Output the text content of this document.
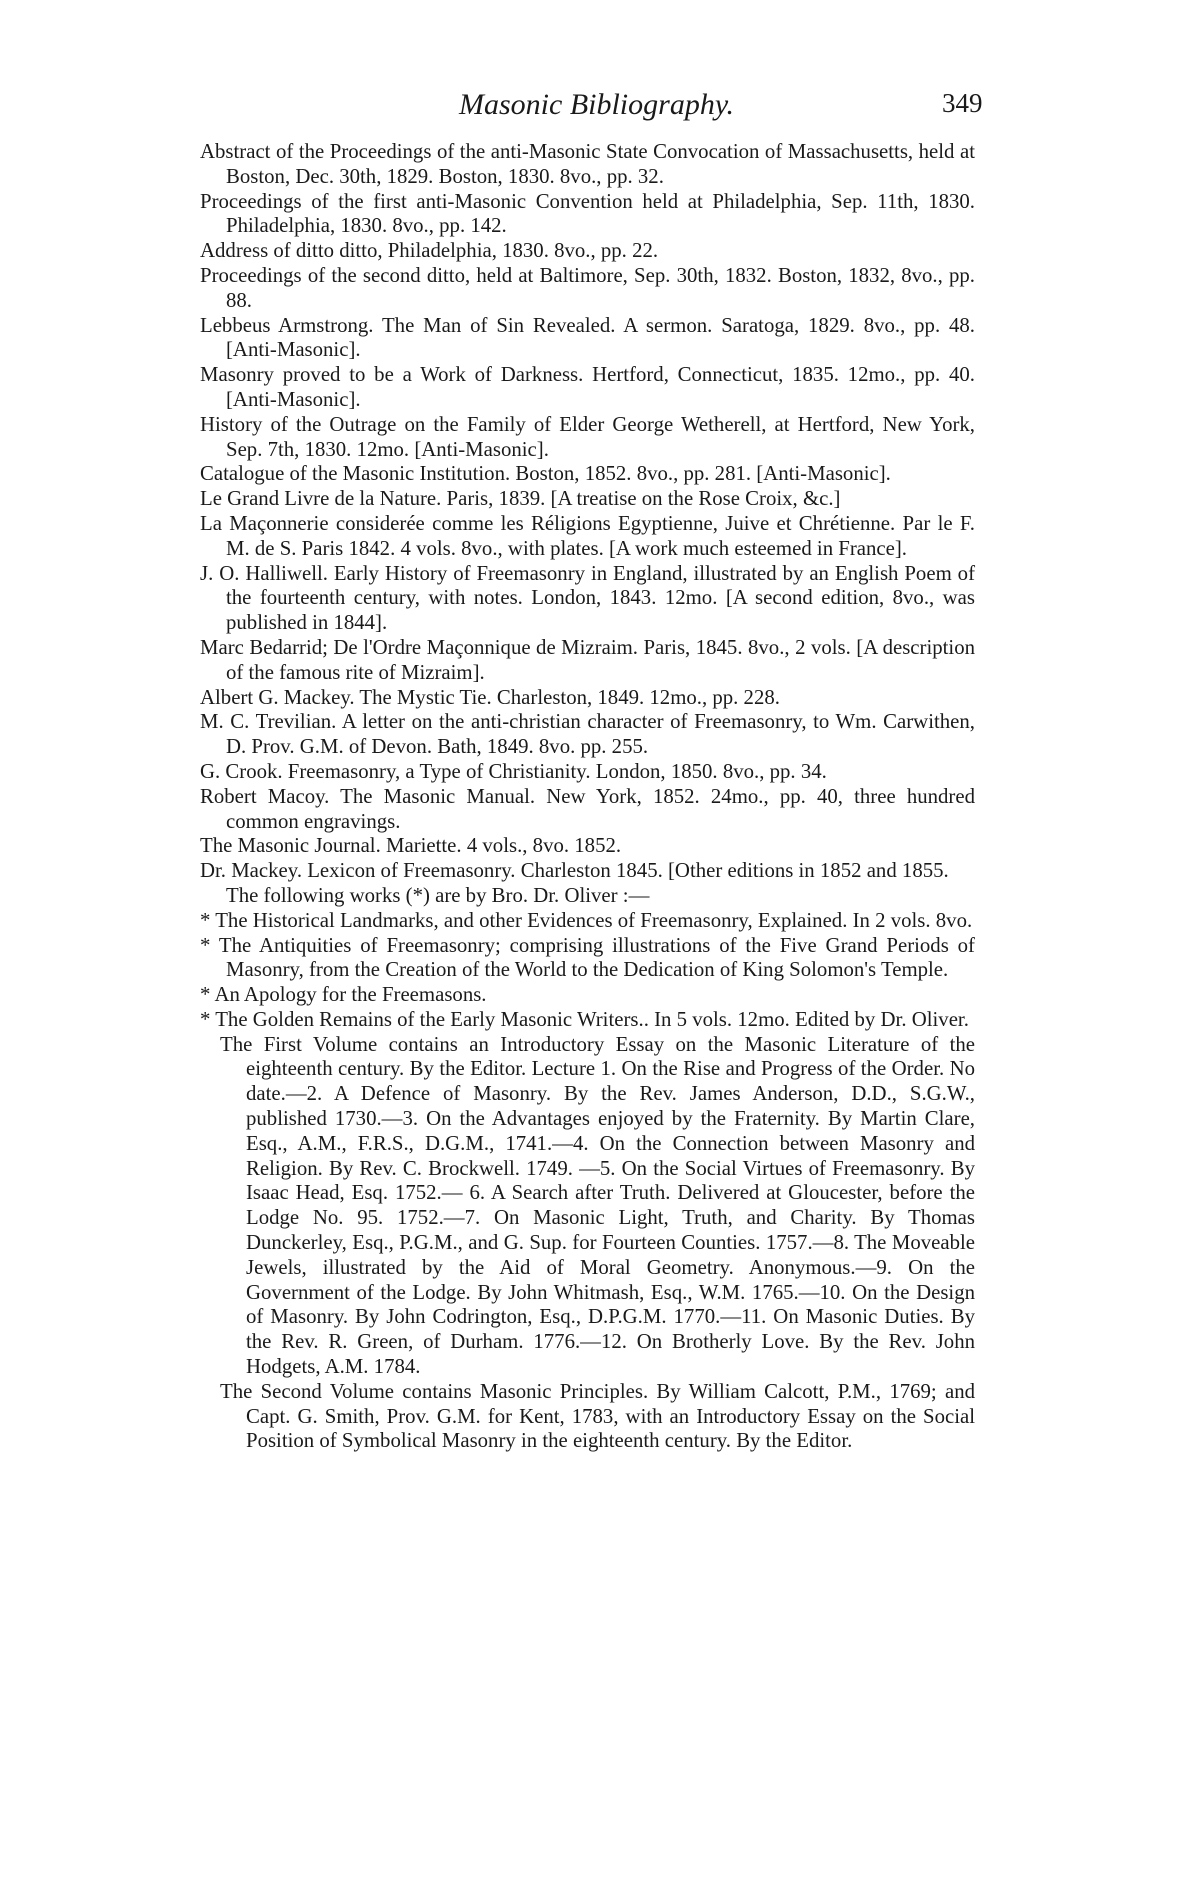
Masonic Bibliography.	349

Abstract of the Proceedings of the anti-Masonic State Convocation of Massachusetts, held at Boston, Dec. 30th, 1829. Boston, 1830. 8vo., pp. 32.

Proceedings of the first anti-Masonic Convention held at Philadelphia, Sep. 11th, 1830. Philadelphia, 1830. 8vo., pp. 142.

Address of ditto ditto, Philadelphia, 1830. 8vo., pp. 22.

Proceedings of the second ditto, held at Baltimore, Sep. 30th, 1832. Boston, 1832, 8vo., pp. 88.

Lebbeus Armstrong. The Man of Sin Revealed. A sermon. Saratoga, 1829. 8vo., pp. 48. [Anti-Masonic].

Masonry proved to be a Work of Darkness. Hertford, Connecticut, 1835. 12mo., pp. 40. [Anti-Masonic].

History of the Outrage on the Family of Elder George Wetherell, at Hertford, New York, Sep. 7th, 1830. 12mo. [Anti-Masonic].

Catalogue of the Masonic Institution. Boston, 1852. 8vo., pp. 281. [Anti-Masonic].

Le Grand Livre de la Nature. Paris, 1839. [A treatise on the Rose Croix, &c.]

La Maçonnerie considerée comme les Réligions Egyptienne, Juive et Chrétienne. Par le F. M. de S. Paris 1842. 4 vols. 8vo., with plates. [A work much esteemed in France].

J. O. Halliwell. Early History of Freemasonry in England, illustrated by an English Poem of the fourteenth century, with notes. London, 1843. 12mo. [A second edition, 8vo., was published in 1844].

Marc Bedarrid; De l'Ordre Maçonnique de Mizraim. Paris, 1845. 8vo., 2 vols. [A description of the famous rite of Mizraim].

Albert G. Mackey. The Mystic Tie. Charleston, 1849. 12mo., pp. 228.

M. C. Trevilian. A letter on the anti-christian character of Freemasonry, to Wm. Carwithen, D. Prov. G.M. of Devon. Bath, 1849. 8vo. pp. 255.

G. Crook. Freemasonry, a Type of Christianity. London, 1850. 8vo., pp. 34.

Robert Macoy. The Masonic Manual. New York, 1852. 24mo., pp. 40, three hundred common engravings.

The Masonic Journal. Mariette. 4 vols., 8vo. 1852.

Dr. Mackey. Lexicon of Freemasonry. Charleston 1845. [Other editions in 1852 and 1855.

The following works (*) are by Bro. Dr. Oliver :—

* The Historical Landmarks, and other Evidences of Freemasonry, Explained. In 2 vols. 8vo.

* The Antiquities of Freemasonry; comprising illustrations of the Five Grand Periods of Masonry, from the Creation of the World to the Dedication of King Solomon's Temple.

* An Apology for the Freemasons.

* The Golden Remains of the Early Masonic Writers.. In 5 vols. 12mo. Edited by Dr. Oliver.

The First Volume contains an Introductory Essay on the Masonic Literature of the eighteenth century. By the Editor. Lecture 1. On the Rise and Progress of the Order. No date.—2. A Defence of Masonry. By the Rev. James Anderson, D.D., S.G.W., published 1730.—3. On the Advantages enjoyed by the Fraternity. By Martin Clare, Esq., A.M., F.R.S., D.G.M., 1741.—4. On the Connection between Masonry and Religion. By Rev. C. Brockwell. 1749. —5. On the Social Virtues of Freemasonry. By Isaac Head, Esq. 1752.— 6. A Search after Truth. Delivered at Gloucester, before the Lodge No. 95. 1752.—7. On Masonic Light, Truth, and Charity. By Thomas Dunckerley, Esq., P.G.M., and G. Sup. for Fourteen Counties. 1757.—8. The Moveable Jewels, illustrated by the Aid of Moral Geometry. Anonymous.—9. On the Government of the Lodge. By John Whitmash, Esq., W.M. 1765.—10. On the Design of Masonry. By John Codrington, Esq., D.P.G.M. 1770.—11. On Masonic Duties. By the Rev. R. Green, of Durham. 1776.—12. On Brotherly Love. By the Rev. John Hodgets, A.M. 1784.

The Second Volume contains Masonic Principles. By William Calcott, P.M., 1769; and Capt. G. Smith, Prov. G.M. for Kent, 1783, with an Introductory Essay on the Social Position of Symbolical Masonry in the eighteenth century. By the Editor.
